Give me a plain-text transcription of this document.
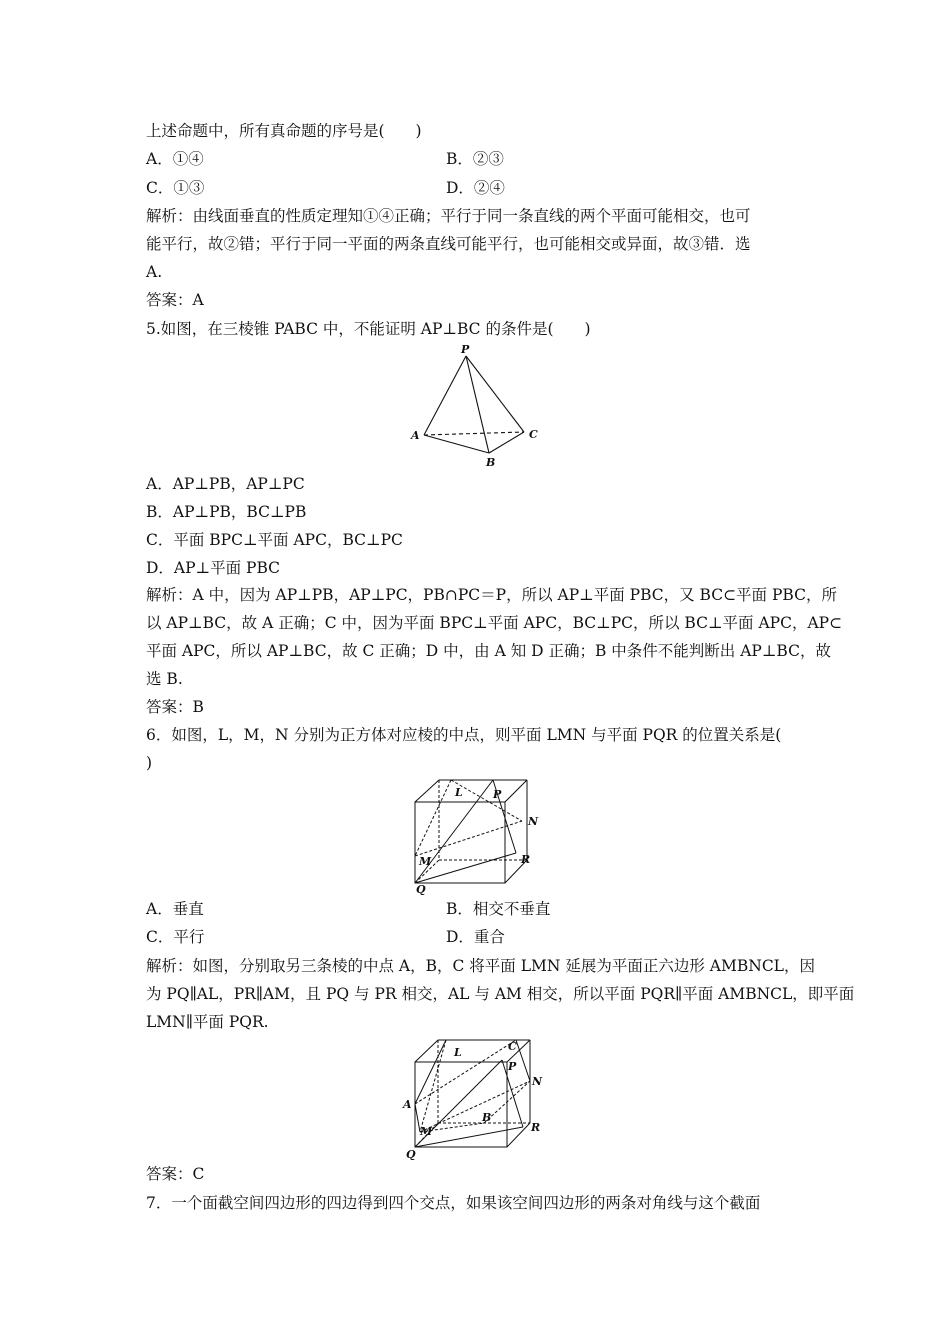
上述命题中，所有真命题的序号是(　　)
A．①④	B．②③
C．①③	D．②④
解析：由线面垂直的性质定理知①④正确；平行于同一条直线的两个平面可能相交，也可
能平行，故②错；平行于同一平面的两条直线可能平行，也可能相交或异面，故③错．选
A.
答案：A
5.如图，在三棱锥 PABC 中，不能证明 AP⊥BC 的条件是(　　)
P
A
B
C
A．AP⊥PB，AP⊥PC
B．AP⊥PB，BC⊥PB
C．平面 BPC⊥平面 APC，BC⊥PC
D．AP⊥平面 PBC
解析：A 中，因为 AP⊥PB，AP⊥PC，PB∩PC＝P，所以 AP⊥平面 PBC，又 BC⊂平面 PBC，所
以 AP⊥BC，故 A 正确；C 中，因为平面 BPC⊥平面 APC，BC⊥PC，所以 BC⊥平面 APC，AP⊂
平面 APC，所以 AP⊥BC，故 C 正确；D 中，由 A 知 D 正确；B 中条件不能判断出 AP⊥BC，故
选 B.
答案：B
6．如图，L，M，N 分别为正方体对应棱的中点，则平面 LMN 与平面 PQR 的位置关系是(
)
L	P
N
M	R
Q
A．垂直	B．相交不垂直
C．平行	D．重合
解析：如图，分别取另三条棱的中点 A，B，C 将平面 LMN 延展为平面正六边形 AMBNCL，因
为 PQ∥AL，PR∥AM，且 PQ 与 PR 相交，AL 与 AM 相交，所以平面 PQR∥平面 AMBNCL，即平面
LMN∥平面 PQR.
L	C
P
N
A
B
M	R
Q
答案：C
7．一个面截空间四边形的四边得到四个交点，如果该空间四边形的两条对角线与这个截面
